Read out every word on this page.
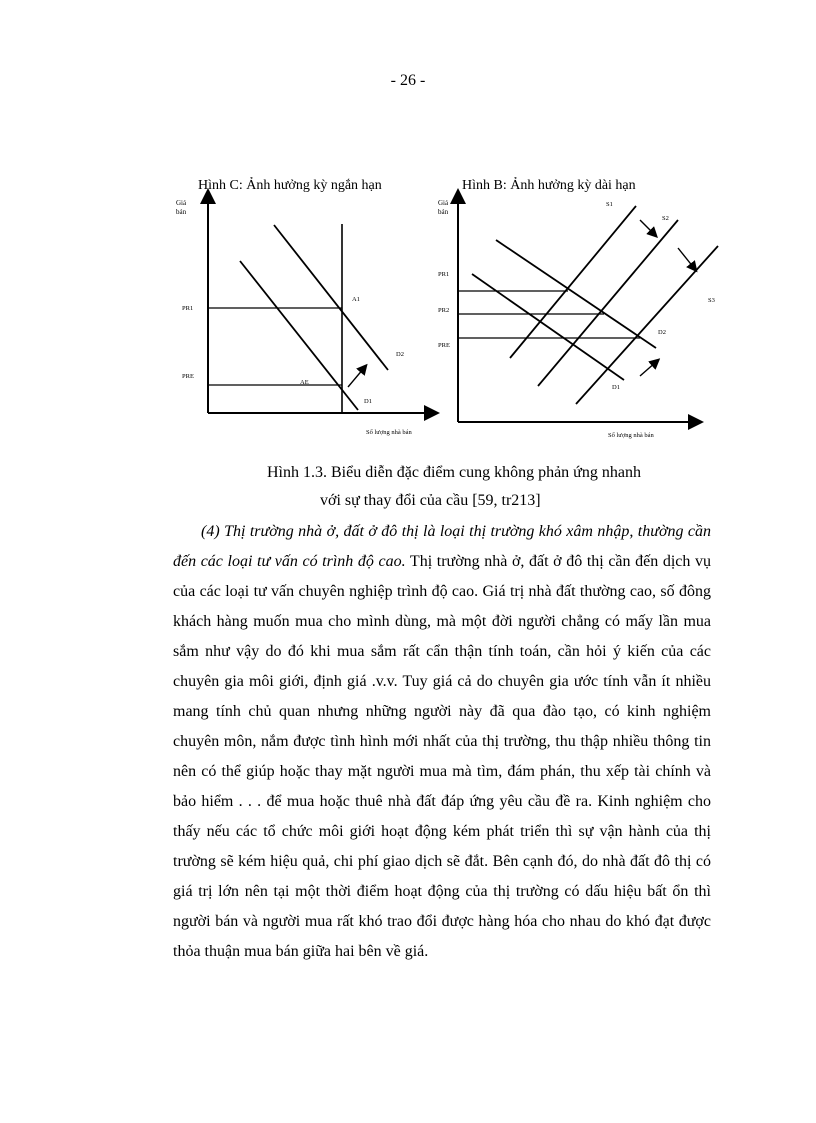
- 26 -
Hình C: Ảnh hưởng kỳ ngắn hạn
Giá
bán
PR1
PRE
A1
AE
D2
D1
Số lượng nhà bán
Hình B: Ảnh hưởng kỳ dài hạn
Giá
bán
PR1
PR2
PRE
S1
S2
S3
D2
D1
Số lượng nhà bán
Hình 1.3. Biểu diễn đặc điểm cung không phản ứng nhanh
với sự thay đổi của cầu [59, tr213]

(4) Thị trường nhà ở, đất ở đô thị là loại thị trường khó xâm nhập, thường cần đến các loại tư vấn có trình độ cao. Thị trường nhà ở, đất ở đô thị cần đến dịch vụ của các loại tư vấn chuyên nghiệp trình độ cao. Giá trị nhà đất thường cao, số đông khách hàng muốn mua cho mình dùng, mà một đời người chẳng có mấy lần mua sắm như vậy do đó khi mua sắm rất cẩn thận tính toán, cần hỏi ý kiến của các chuyên gia môi giới, định giá .v.v. Tuy giá cả do chuyên gia ước tính vẫn ít nhiều mang tính chủ quan nhưng những người này đã qua đào tạo, có kinh nghiệm chuyên môn, nắm được tình hình mới nhất của thị trường, thu thập nhiều thông tin nên có thể giúp hoặc thay mặt người mua mà tìm, đám phán, thu xếp tài chính và bảo hiểm . . . để mua hoặc thuê nhà đất đáp ứng yêu cầu đề ra. Kinh nghiệm cho thấy nếu các tổ chức môi giới hoạt động kém phát triển thì sự vận hành của thị trường sẽ kém hiệu quả, chi phí giao dịch sẽ đắt. Bên cạnh đó, do nhà đất đô thị có giá trị lớn nên tại một thời điểm hoạt động của thị trường có dấu hiệu bất ổn thì người bán và người mua rất khó trao đổi được hàng hóa cho nhau do khó đạt được thỏa thuận mua bán giữa hai bên về giá.
